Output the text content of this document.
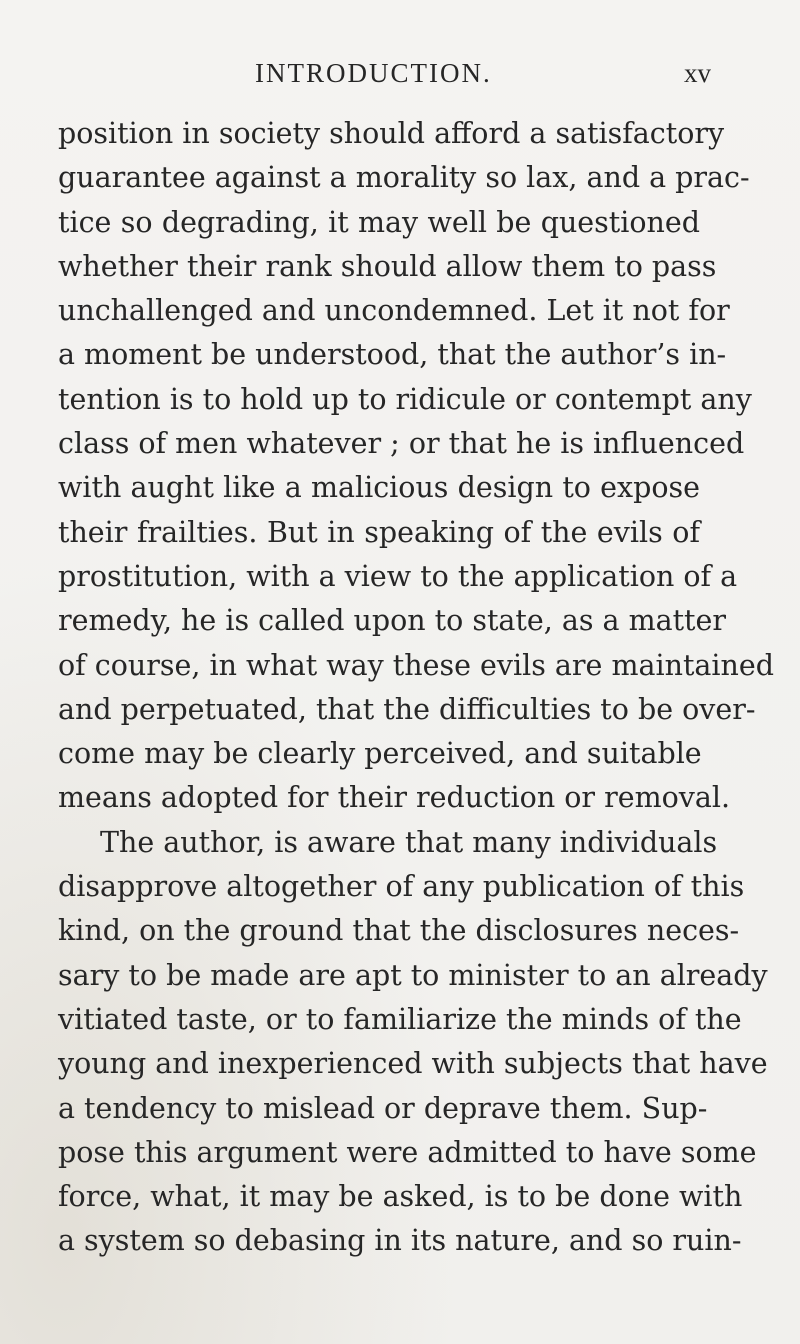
INTRODUCTION.	xv
position in society should afford a satisfactory
guarantee against a morality so lax, and a prac-
tice so degrading, it may well be questioned
whether their rank should allow them to pass
unchallenged and uncondemned. Let it not for
a moment be understood, that the author’s in-
tention is to hold up to ridicule or contempt any
class of men whatever ; or that he is influenced
with aught like a malicious design to expose
their frailties. But in speaking of the evils of
prostitution, with a view to the application of a
remedy, he is called upon to state, as a matter
of course, in what way these evils are maintained
and perpetuated, that the difficulties to be over-
come may be clearly perceived, and suitable
means adopted for their reduction or removal.
The author, is aware that many individuals
disapprove altogether of any publication of this
kind, on the ground that the disclosures neces-
sary to be made are apt to minister to an already
vitiated taste, or to familiarize the minds of the
young and inexperienced with subjects that have
a tendency to mislead or deprave them. Sup-
pose this argument were admitted to have some
force, what, it may be asked, is to be done with
a system so debasing in its nature, and so ruin-
